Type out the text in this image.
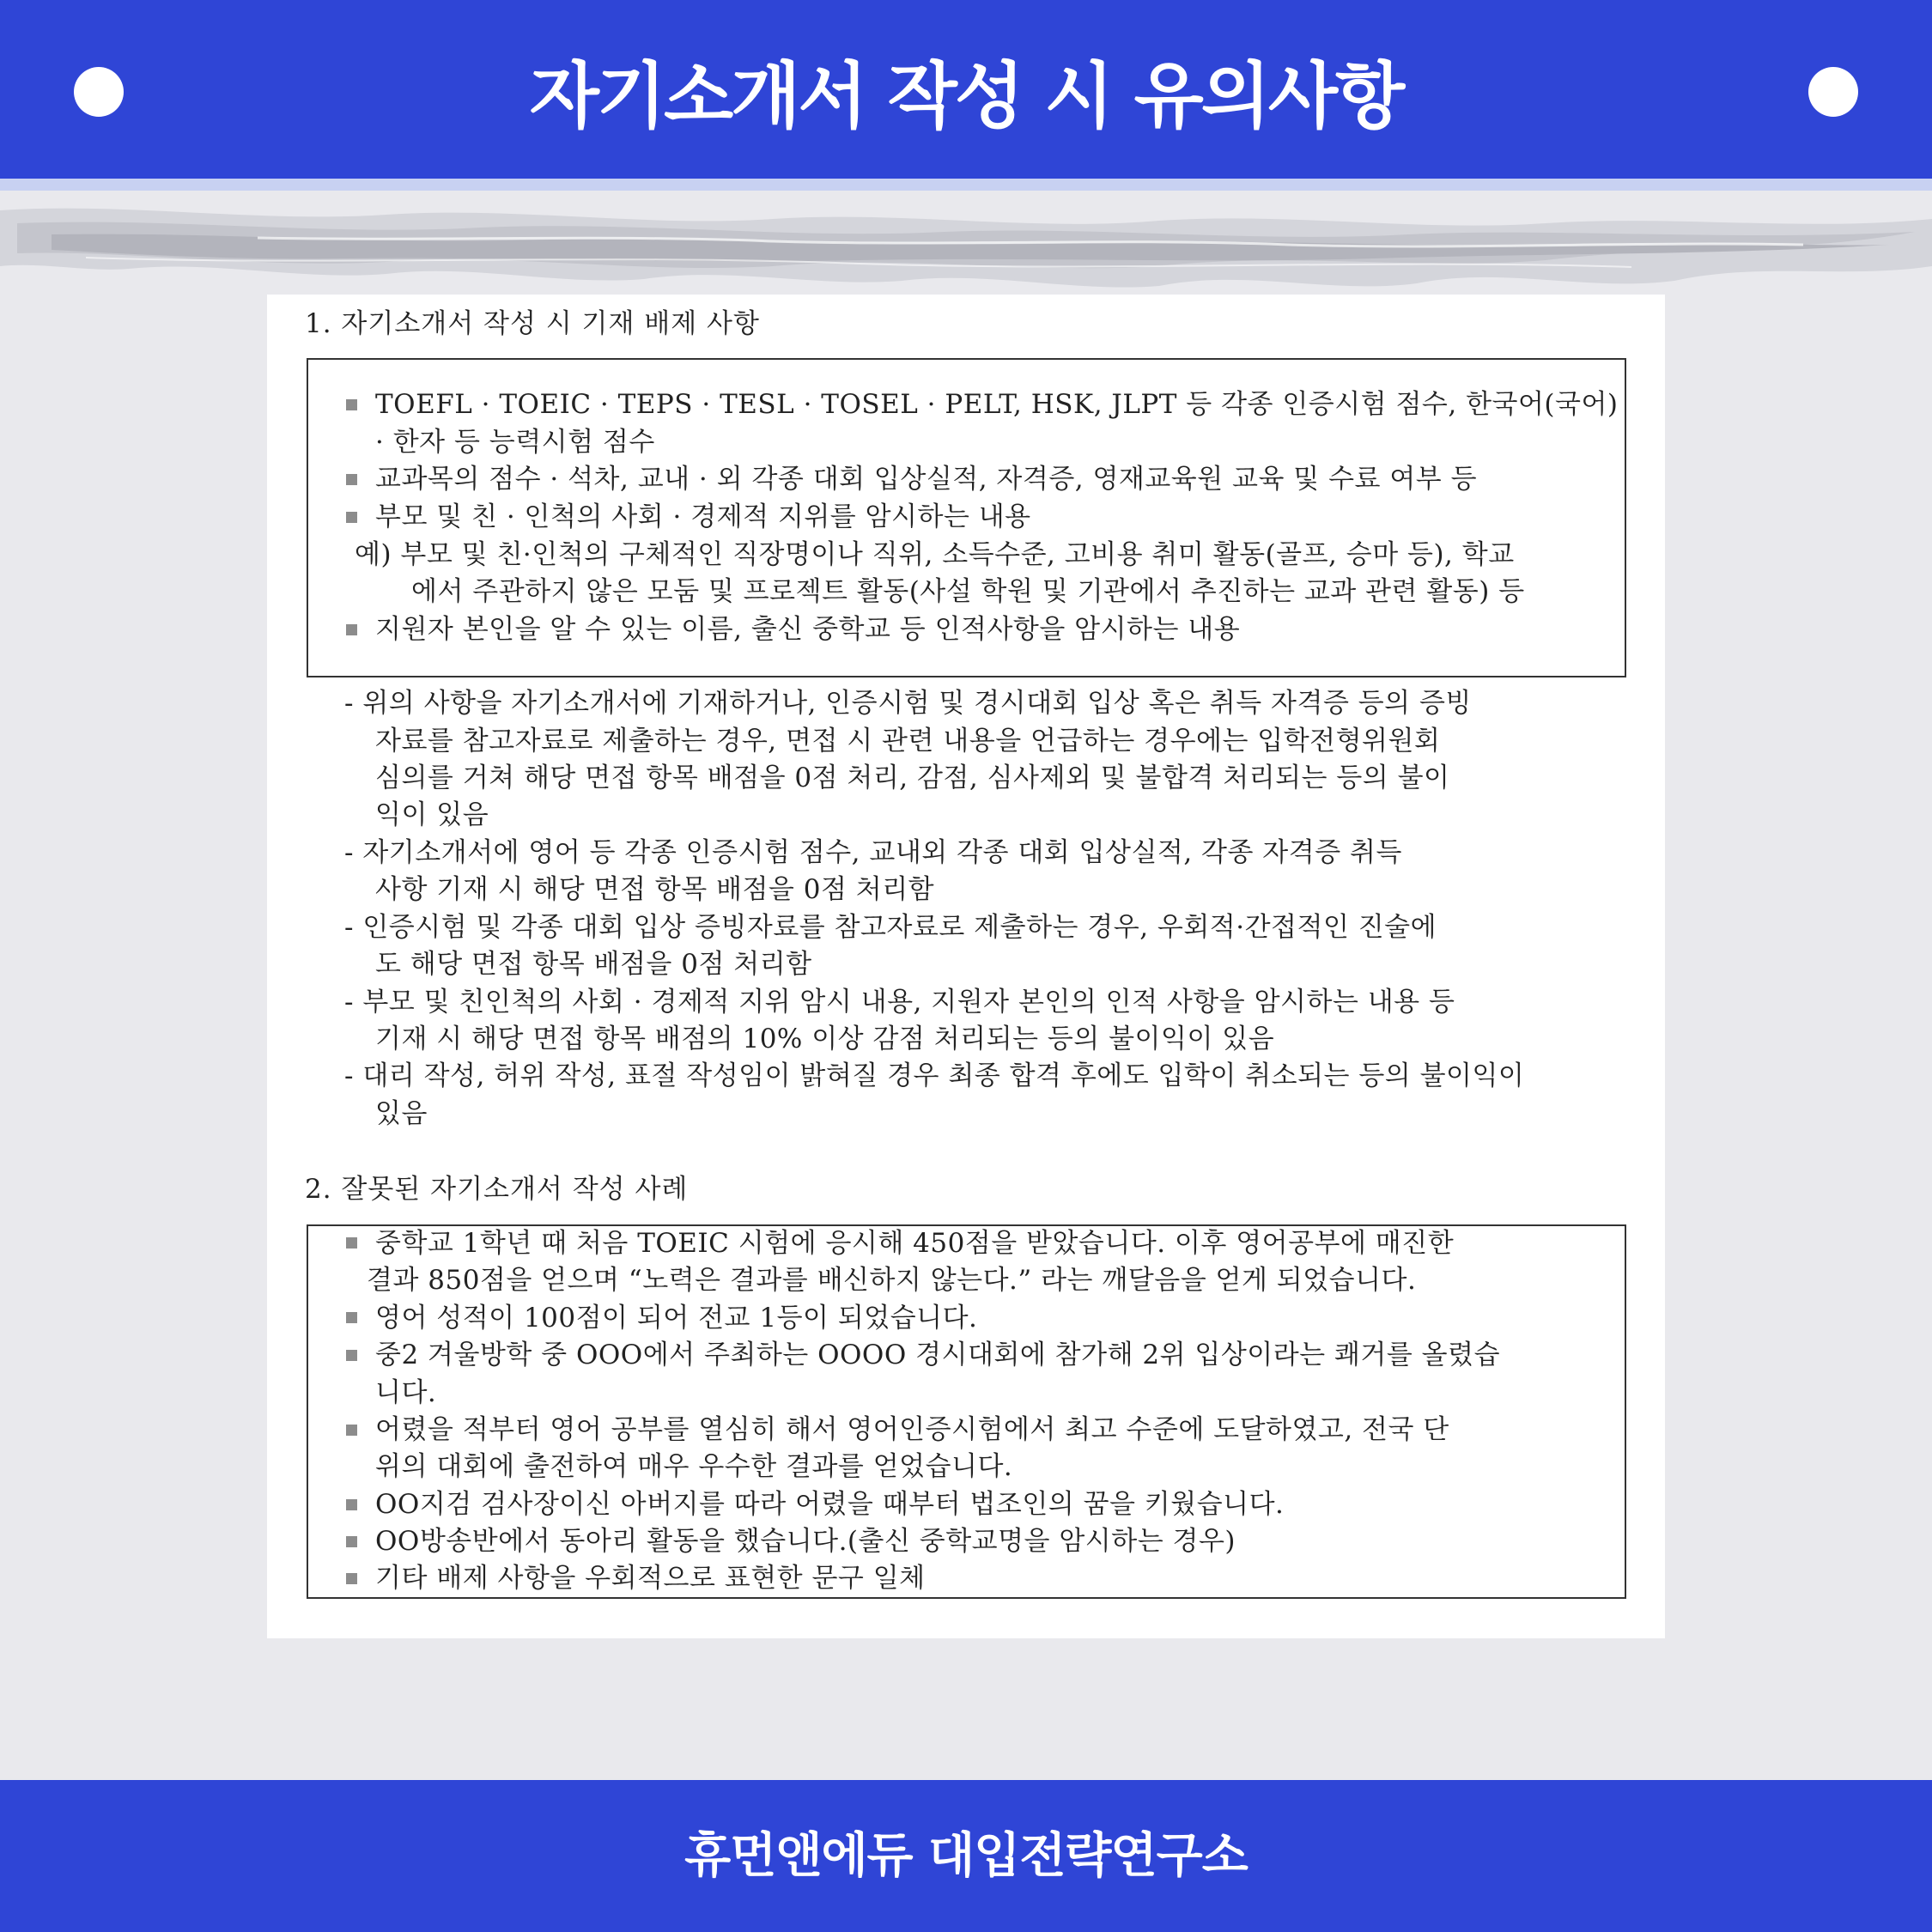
자기소개서 작성 시 유의사항
1. 자기소개서 작성 시 기재 배제 사항
TOEFL · TOEIC · TEPS · TESL · TOSEL · PELT, HSK, JLPT 등 각종 인증시험 점수, 한국어(국어)
· 한자 등 능력시험 점수
교과목의 점수 · 석차, 교내 · 외 각종 대회 입상실적, 자격증, 영재교육원 교육 및 수료 여부 등
부모 및 친 · 인척의 사회 · 경제적 지위를 암시하는 내용
예) 부모 및 친·인척의 구체적인 직장명이나 직위, 소득수준, 고비용 취미 활동(골프, 승마 등), 학교
에서 주관하지 않은 모둠 및 프로젝트 활동(사설 학원 및 기관에서 추진하는 교과 관련 활동) 등
지원자 본인을 알 수 있는 이름, 출신 중학교 등 인적사항을 암시하는 내용
- 위의 사항을 자기소개서에 기재하거나, 인증시험 및 경시대회 입상 혹은 취득 자격증 등의 증빙
자료를 참고자료로 제출하는 경우, 면접 시 관련 내용을 언급하는 경우에는 입학전형위원회
심의를 거쳐 해당 면접 항목 배점을 0점 처리, 감점, 심사제외 및 불합격 처리되는 등의 불이
익이 있음
- 자기소개서에 영어 등 각종 인증시험 점수, 교내외 각종 대회 입상실적, 각종 자격증 취득
사항 기재 시 해당 면접 항목 배점을 0점 처리함
- 인증시험 및 각종 대회 입상 증빙자료를 참고자료로 제출하는 경우, 우회적·간접적인 진술에
도 해당 면접 항목 배점을 0점 처리함
- 부모 및 친인척의 사회 · 경제적 지위 암시 내용, 지원자 본인의 인적 사항을 암시하는 내용 등
기재 시 해당 면접 항목 배점의 10% 이상 감점 처리되는 등의 불이익이 있음
- 대리 작성, 허위 작성, 표절 작성임이 밝혀질 경우 최종 합격 후에도 입학이 취소되는 등의 불이익이
있음
2. 잘못된 자기소개서 작성 사례
중학교 1학년 때 처음 TOEIC 시험에 응시해 450점을 받았습니다. 이후 영어공부에 매진한
결과 850점을 얻으며 “노력은 결과를 배신하지 않는다.” 라는 깨달음을 얻게 되었습니다.
영어 성적이 100점이 되어 전교 1등이 되었습니다.
중2 겨울방학 중 OOO에서 주최하는 OOOO 경시대회에 참가해 2위 입상이라는 쾌거를 올렸습
니다.
어렸을 적부터 영어 공부를 열심히 해서 영어인증시험에서 최고 수준에 도달하였고, 전국 단
위의 대회에 출전하여 매우 우수한 결과를 얻었습니다.
OO지검 검사장이신 아버지를 따라 어렸을 때부터 법조인의 꿈을 키웠습니다.
OO방송반에서 동아리 활동을 했습니다.(출신 중학교명을 암시하는 경우)
기타 배제 사항을 우회적으로 표현한 문구 일체
휴먼앤에듀 대입전략연구소
